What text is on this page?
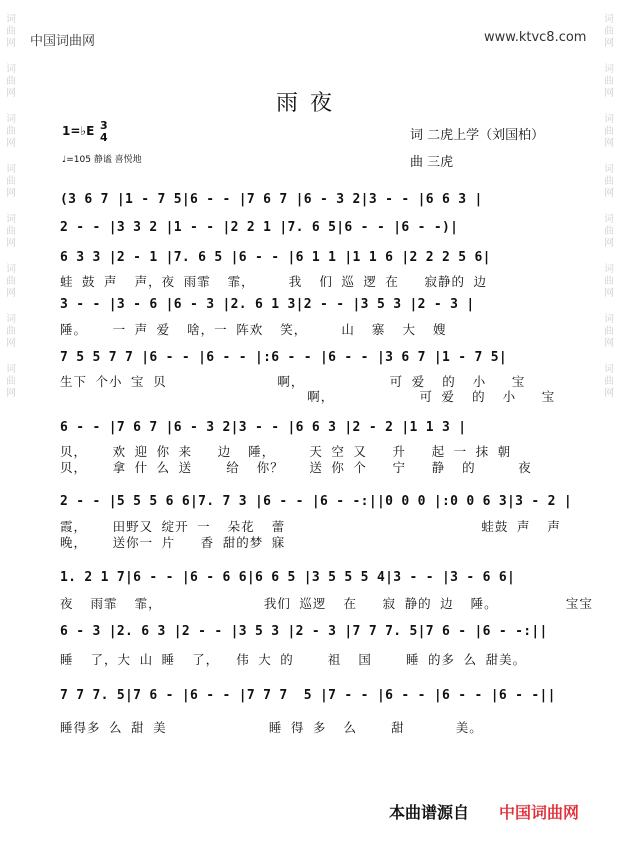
词
曲
网
词
曲
网
词
曲
网
词
曲
网
词
曲
网
词
曲
网
词
曲
网
词
曲
网
词
曲
网
词
曲
网
词
曲
网
词
曲
网
词
曲
网
词
曲
网
词
曲
网
词
曲
网
中国词曲网	www.ktvc8.com
雨夜
1=♭E 3
4
♩=105 静谧 喜悦地
词 二虎上学（刘国柏）
曲 三虎
(3 6 7 |1 - 7 5|6 - - |7 6 7 |6 - 3 2|3 - - |6 6 3 |
2 - - |3 3 2 |1 - - |2 2 1 |7. 6 5|6 - - |6 - -)|
6 3 3 |2 - 1 |7. 6 5 |6 - - |6 1 1 |1 1 6 |2 2 2 5 6|
蛙 鼓 声  声，夜 雨霏  霏，    我  们 巡 逻 在   寂静的 边
3 - - |3 - 6 |6 - 3 |2. 6 1 3|2 - - |3 5 3 |2 - 3 |
陲。   一 声 爱  啥，一 阵欢  笑，    山  寨  大  嫂
7 5 5 7 7 |6 - - |6 - - |:6 - - |6 - - |3 6 7 |1 - 7 5|
生下 个小 宝 贝             啊，          可 爱  的  小   宝
啊，          可 爱  的  小   宝
6 - - |7 6 7 |6 - 3 2|3 - - |6 6 3 |2 - 2 |1 1 3 |
贝，   欢 迎 你 来   边  陲，    天 空 又   升   起 一 抹 朝
贝，   拿 什 么 送    给  你？   送 你 个   宁   静  的     夜
2 - - |5 5 5 6 6|7. 7 3 |6 - - |6 - -:||0 0 0 |:0 0 6 3|3 - 2 |
霞，   田野又 绽开 一  朵花  蕾                       蛙鼓 声  声
晚，   送你一 片   香 甜的梦 寐
1. 2 1 7|6 - - |6 - 6 6|6 6 5 |3 5 5 5 4|3 - - |3 - 6 6|
夜  雨霏  霏，            我们 巡逻  在   寂 静的 边  陲。        宝宝
6 - 3 |2. 6 3 |2 - - |3 5 3 |2 - 3 |7 7 7. 5|7 6 - |6 - -:||
睡  了，大 山 睡  了，  伟 大 的    祖  国    睡 的多 么 甜美。
7 7 7. 5|7 6 - |6 - - |7 7 7  5 |7 - - |6 - - |6 - - |6 - -||
睡得多 么 甜 美            睡 得 多  么    甜      美。
本曲谱源自 中国词曲网
